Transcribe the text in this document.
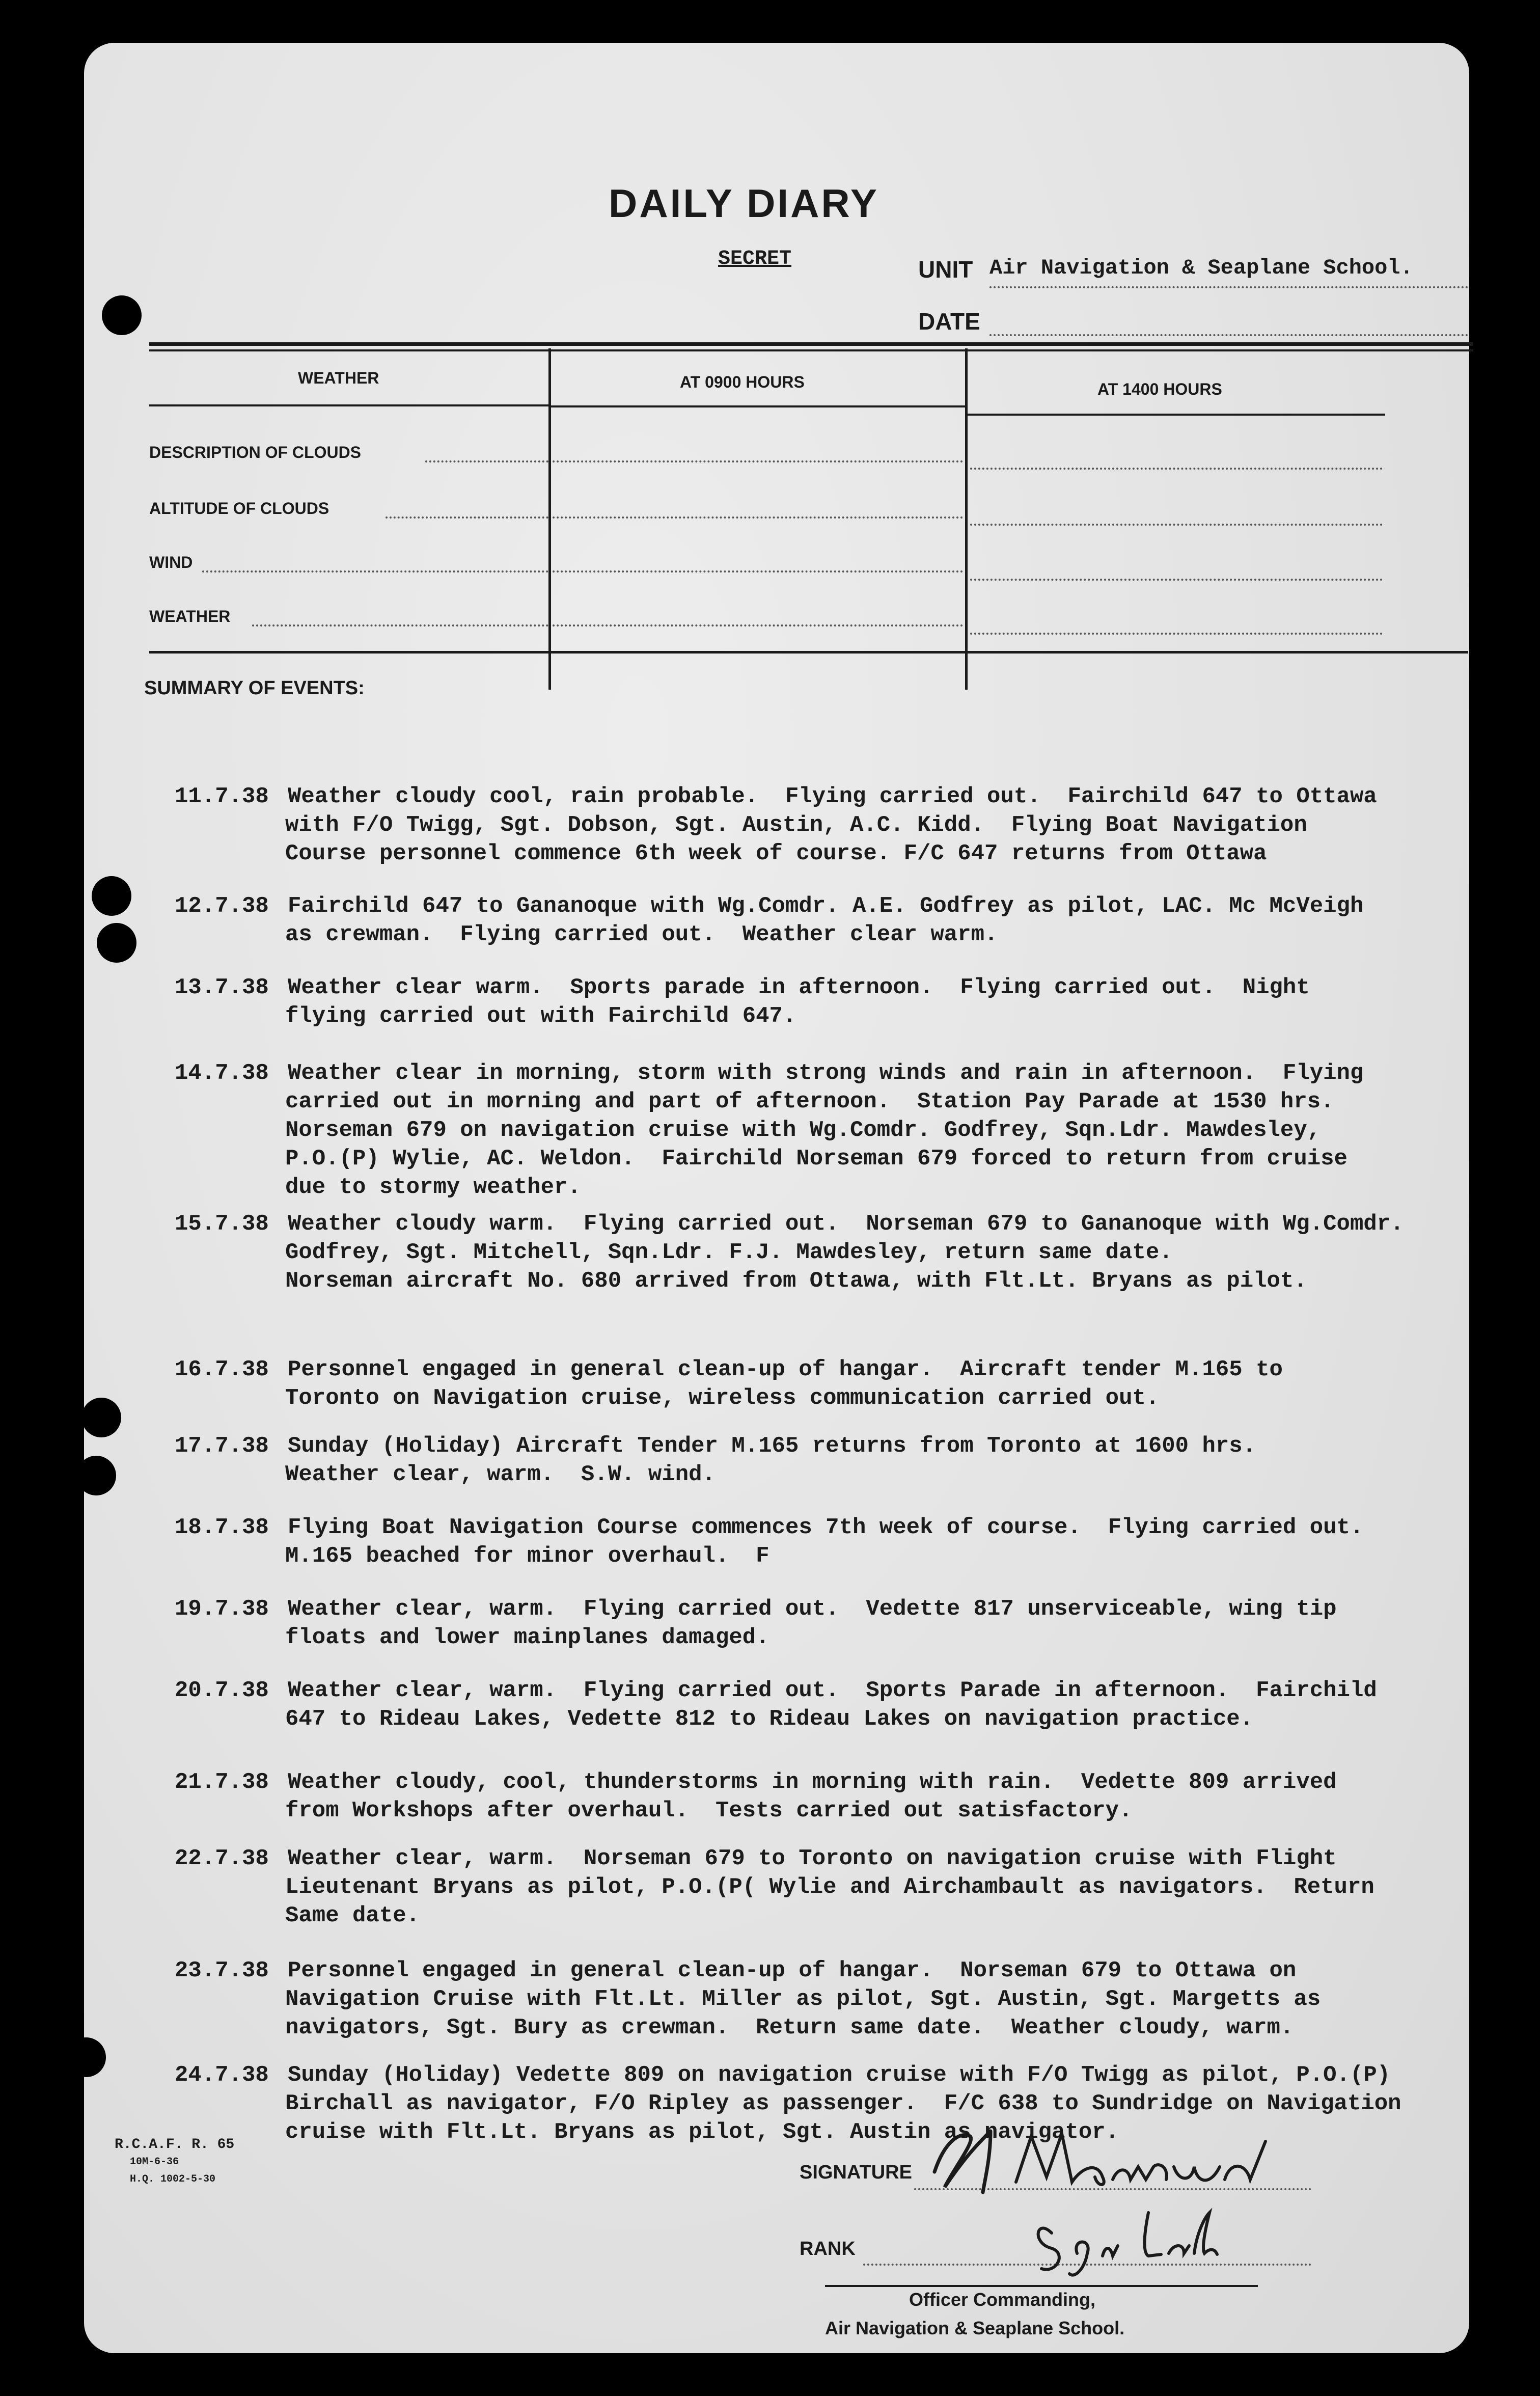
DAILY DIARY
SECRET	UNIT Air Navigation & Seaplane School.
DATE
WEATHER	AT 0900 HOURS	AT 1400 HOURS
DESCRIPTION OF CLOUDS
ALTITUDE OF CLOUDS
WIND
WEATHER
SUMMARY OF EVENTS:
11.7.38 Weather cloudy cool, rain probable.  Flying carried out.  Fairchild 647 to Ottawa
with F/O Twigg, Sgt. Dobson, Sgt. Austin, A.C. Kidd.  Flying Boat Navigation
Course personnel commence 6th week of course. F/C 647 returns from Ottawa
12.7.38 Fairchild 647 to Gananoque with Wg.Comdr. A.E. Godfrey as pilot, LAC. Mc McVeigh
as crewman.  Flying carried out.  Weather clear warm.
13.7.38 Weather clear warm.  Sports parade in afternoon.  Flying carried out.  Night
flying carried out with Fairchild 647.
14.7.38 Weather clear in morning, storm with strong winds and rain in afternoon.  Flying
carried out in morning and part of afternoon.  Station Pay Parade at 1530 hrs.
Norseman 679 on navigation cruise with Wg.Comdr. Godfrey, Sqn.Ldr. Mawdesley,
P.O.(P) Wylie, AC. Weldon.  Fairchild Norseman 679 forced to return from cruise
due to stormy weather.
15.7.38 Weather cloudy warm.  Flying carried out.  Norseman 679 to Gananoque with Wg.Comdr.
Godfrey, Sgt. Mitchell, Sqn.Ldr. F.J. Mawdesley, return same date.
Norseman aircraft No. 680 arrived from Ottawa, with Flt.Lt. Bryans as pilot.
16.7.38 Personnel engaged in general clean-up of hangar.  Aircraft tender M.165 to
Toronto on Navigation cruise, wireless communication carried out.
17.7.38 Sunday (Holiday) Aircraft Tender M.165 returns from Toronto at 1600 hrs.
Weather clear, warm.  S.W. wind.
18.7.38 Flying Boat Navigation Course commences 7th week of course.  Flying carried out.
M.165 beached for minor overhaul.  F
19.7.38 Weather clear, warm.  Flying carried out.  Vedette 817 unserviceable, wing tip
floats and lower mainplanes damaged.
20.7.38 Weather clear, warm.  Flying carried out.  Sports Parade in afternoon.  Fairchild
647 to Rideau Lakes, Vedette 812 to Rideau Lakes on navigation practice.
21.7.38 Weather cloudy, cool, thunderstorms in morning with rain.  Vedette 809 arrived
from Workshops after overhaul.  Tests carried out satisfactory.
22.7.38 Weather clear, warm.  Norseman 679 to Toronto on navigation cruise with Flight
Lieutenant Bryans as pilot, P.O.(P( Wylie and Airchambault as navigators.  Return
Same date.
23.7.38 Personnel engaged in general clean-up of hangar.  Norseman 679 to Ottawa on
Navigation Cruise with Flt.Lt. Miller as pilot, Sgt. Austin, Sgt. Margetts as
navigators, Sgt. Bury as crewman.  Return same date.  Weather cloudy, warm.
24.7.38 Sunday (Holiday) Vedette 809 on navigation cruise with F/O Twigg as pilot, P.O.(P)
Birchall as navigator, F/O Ripley as passenger.  F/C 638 to Sundridge on Navigation
cruise with Flt.Lt. Bryans as pilot, Sgt. Austin as navigator.
R.C.A.F. R. 65
10M-6-36
H.Q. 1002-5-30	SIGNATURE
RANK
Officer Commanding,
Air Navigation & Seaplane School.
